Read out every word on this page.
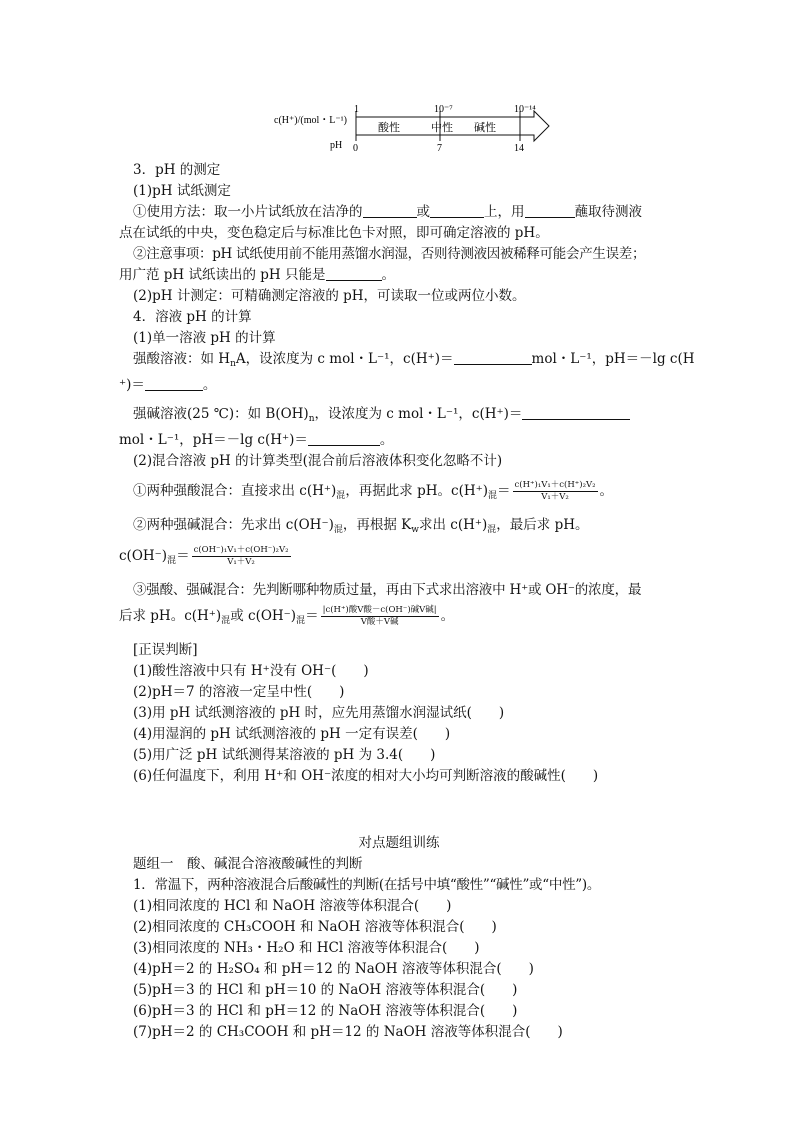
c(H⁺)/(mol・L⁻¹)
pH
1	10⁻⁷	10⁻¹⁴
0	7	14
酸性	中性 碱性
3．pH 的测定
(1)pH 试纸测定
①使用方法：取一小片试纸放在洁净的	或	上，用	蘸取待测液
点在试纸的中央，变色稳定后与标准比色卡对照，即可确定溶液的 pH。
②注意事项：pH 试纸使用前不能用蒸馏水润湿，否则待测液因被稀释可能会产生误差；
用广范 pH 试纸读出的 pH 只能是	。
(2)pH 计测定：可精确测定溶液的 pH，可读取一位或两位小数。
4．溶液 pH 的计算
(1)单一溶液 pH 的计算
强酸溶液：如 $H_nA$，设浓度为 c mol・L⁻¹，c(H⁺)＝	mol・L⁻¹，pH＝－lg c(H
⁺)＝	。
强碱溶液(25 ℃)：如 $B(OH)_n$，设浓度为 c mol・L⁻¹，c(H⁺)＝
mol・L⁻¹，pH＝－lg c(H⁺)＝	。
(2)混合溶液 pH 的计算类型(混合前后溶液体积变化忽略不计)
①两种强酸混合：直接求出 $c(H^+)_混$，再据此求 pH。$c(H^+)_混= \frac{\text{c(H⁺)₁V₁＋c(H⁺)₂V₂}}{\text{V₁＋V₂}}$ 。
②两种强碱混合：先求出 $c(OH^-)_混$，再根据 $K_w$求出 $c(H^+)_混$，最后求 pH。
$c(OH^-)_混= \frac{\text{c(OH⁻)₁V₁＋c(OH⁻)₂V₂}}{\text{V₁＋V₂}}$
③强酸、强碱混合：先判断哪种物质过量，再由下式求出溶液中 H⁺或 OH⁻的浓度，最
后求 pH。$c(H^+)_混$或 $c(OH^-)_混= \frac{\text{|c(H⁺)酸V酸－c(OH⁻)碱V碱|}}{\text{V酸＋V碱}}$ 。
[正误判断]
(1)酸性溶液中只有 H⁺没有 OH⁻(　　)
(2)pH＝7 的溶液一定呈中性(　　)
(3)用 pH 试纸测溶液的 pH 时，应先用蒸馏水润湿试纸(　　)
(4)用湿润的 pH 试纸测溶液的 pH 一定有误差(　　)
(5)用广泛 pH 试纸测得某溶液的 pH 为 3.4(　　)
(6)任何温度下，利用 H⁺和 OH⁻浓度的相对大小均可判断溶液的酸碱性(　　)
对点题组训练
题组一　酸、碱混合溶液酸碱性的判断
1．常温下，两种溶液混合后酸碱性的判断(在括号中填“酸性”“碱性”或“中性”)。
(1)相同浓度的 HCl 和 NaOH 溶液等体积混合(　　)
(2)相同浓度的 CH₃COOH 和 NaOH 溶液等体积混合(　　)
(3)相同浓度的 NH₃・H₂O 和 HCl 溶液等体积混合(　　)
(4)pH＝2 的 H₂SO₄ 和 pH＝12 的 NaOH 溶液等体积混合(　　)
(5)pH＝3 的 HCl 和 pH＝10 的 NaOH 溶液等体积混合(　　)
(6)pH＝3 的 HCl 和 pH＝12 的 NaOH 溶液等体积混合(　　)
(7)pH＝2 的 CH₃COOH 和 pH＝12 的 NaOH 溶液等体积混合(　　)
